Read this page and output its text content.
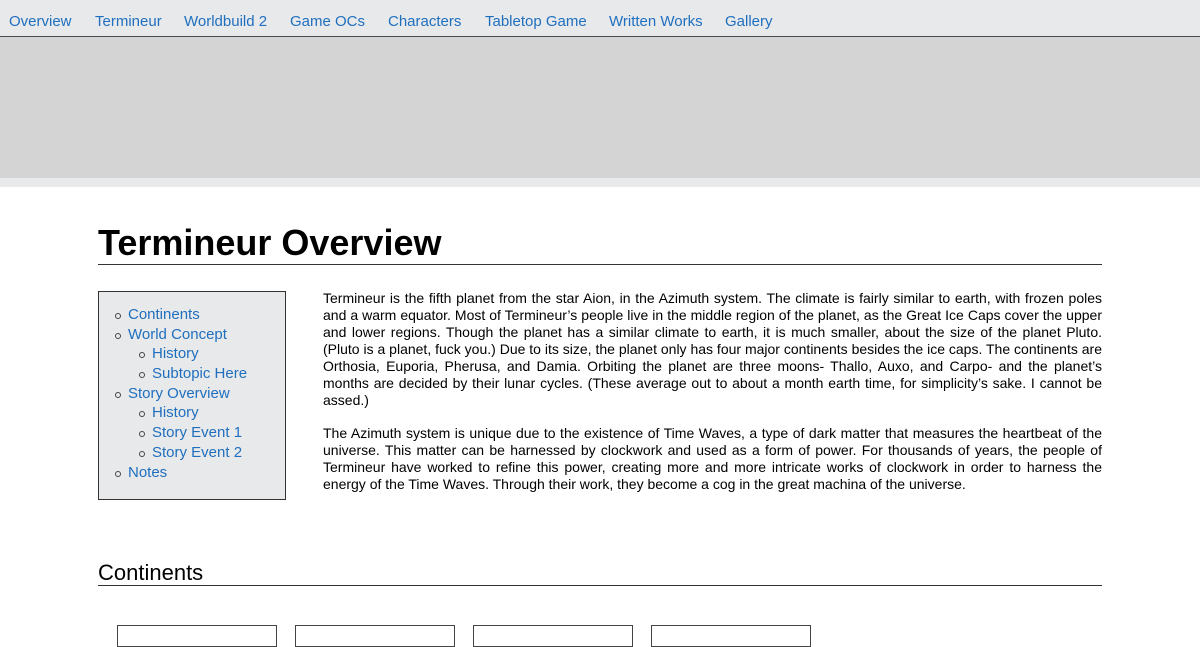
Overview Termineur Worldbuild 2 Game OCs Characters Tabletop Game Written Works Gallery
Termineur Overview
Continents
World Concept
History
Subtopic Here
Story Overview
History
Story Event 1
Story Event 2
Notes

Termineur is the fifth planet from the star Aion, in the Azimuth system. The climate is fairly similar to earth, with frozen poles and a warm equator. Most of Termineur’s people live in the middle region of the planet, as the Great Ice Caps cover the upper and lower regions. Though the planet has a similar climate to earth, it is much smaller, about the size of the planet Pluto. (Pluto is a planet, fuck you.) Due to its size, the planet only has four major continents besides the ice caps. The continents are Orthosia, Euporia, Pherusa, and Damia. Orbiting the planet are three moons- Thallo, Auxo, and Carpo- and the planet’s months are decided by their lunar cycles. (These average out to about a month earth time, for simplicity’s sake. I cannot be assed.)

The Azimuth system is unique due to the existence of Time Waves, a type of dark matter that measures the heartbeat of the universe. This matter can be harnessed by clockwork and used as a form of power. For thousands of years, the people of Termineur have worked to refine this power, creating more and more intricate works of clockwork in order to harness the energy of the Time Waves. Through their work, they become a cog in the great machina of the universe.

Continents
